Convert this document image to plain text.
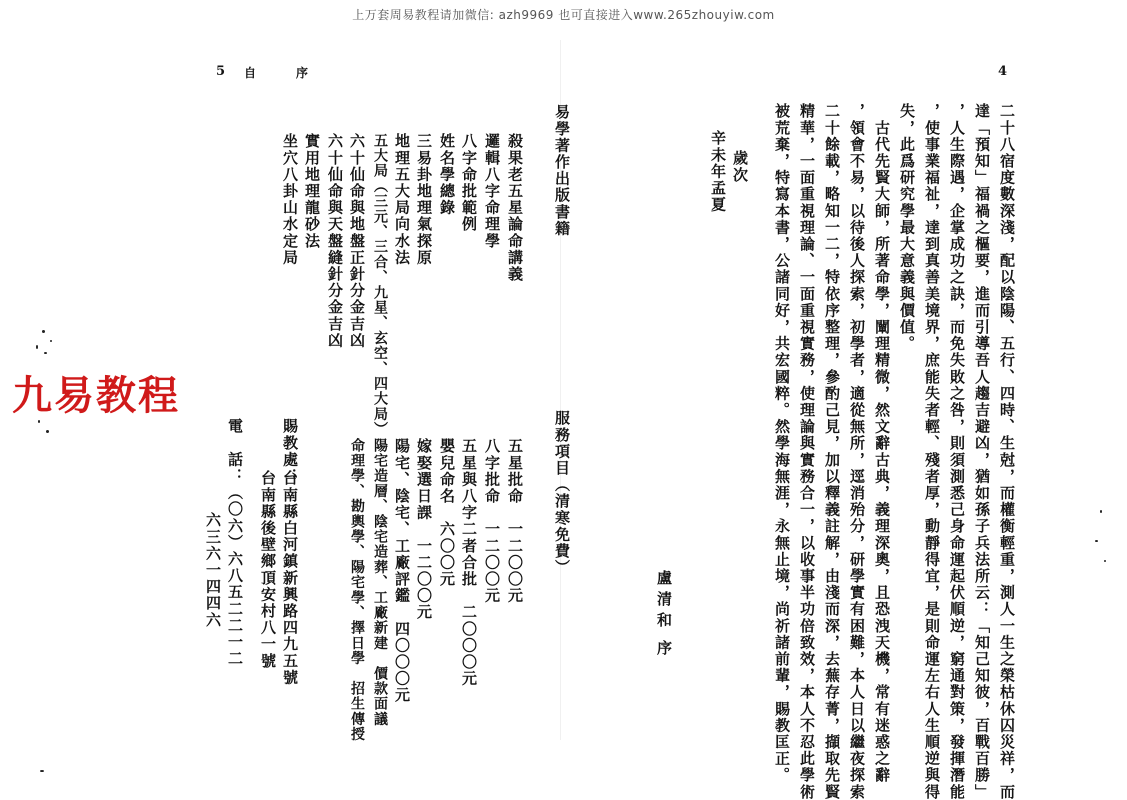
上万套周易教程请加微信: azh9969 也可直接进入www.265zhouyiw.com
5 自　序
易學著作出版書籍
殺果老五星論命講義
邏輯八字命理學
八字命批範例
姓名學總錄
三易卦地理氣探原
地理五大局向水法
五大局（三元、三合、九星、玄空、四大局）
六十仙命與地盤正針分金吉凶
六十仙命與天盤縫針分金吉凶
實用地理龍砂法
坐穴八卦山水定局
服務項目（清寒免費）
五星批命　一二〇〇元
八字批命　一二〇〇元
五星與八字二者合批　二〇〇〇元
嬰兒命名　六〇〇元
嫁娶選日課　一二〇〇元
陽宅、陰宅、工廠評鑑　四〇〇〇元
陽宅造層、陰宅造葬、工廠新建　價款面議
命理學、勘輿學、陽宅學、擇日學　招生傳授
賜教處：
台南縣白河鎮新興路四九五號
台南縣後壁鄉頂安村八一號
電　話：（〇六）六八五二二一二
六三六一四四六
九易教程
4
二十八宿度數深淺，配以陰陽、五行、四時、生尅，而權衡輕重，測人一生之榮枯休囚災祥，而
達「預知」福禍之樞要，進而引導吾人趨吉避凶，猶如孫子兵法所云：「知己知彼，百戰百勝」
，人生際遇，企掌成功之訣，而免失敗之咎，則須測悉己身命運起伏順逆，窮通對策，發揮潛能
，使事業福祉，達到真善美境界，庶能失者輕、殘者厚，動靜得宜，是則命運左右人生順逆與得
失，此爲研究學最大意義與價值。
　古代先賢大師，所著命學，闡理精微，然文辭古典，義理深奧，且恐洩天機，常有迷惑之辭
，領會不易，以待後人探索，初學者，適從無所，逕消殆分，研學實有困難，本人日以繼夜探索
二十餘載，略知一二，特依序整理，參酌己見，加以釋義註解，由淺而深，去蕪存菁，擷取先賢
精華，一面重視理論、一面重視實務，使理論與實務合一，以收事半功倍致效，本人不忍此學術
被荒棄，特寫本書，公諸同好，共宏國粹。然學海無涯，永無止境，尚祈諸前輩，賜教匡正。
歲次
辛未年孟夏
盧清和
序
